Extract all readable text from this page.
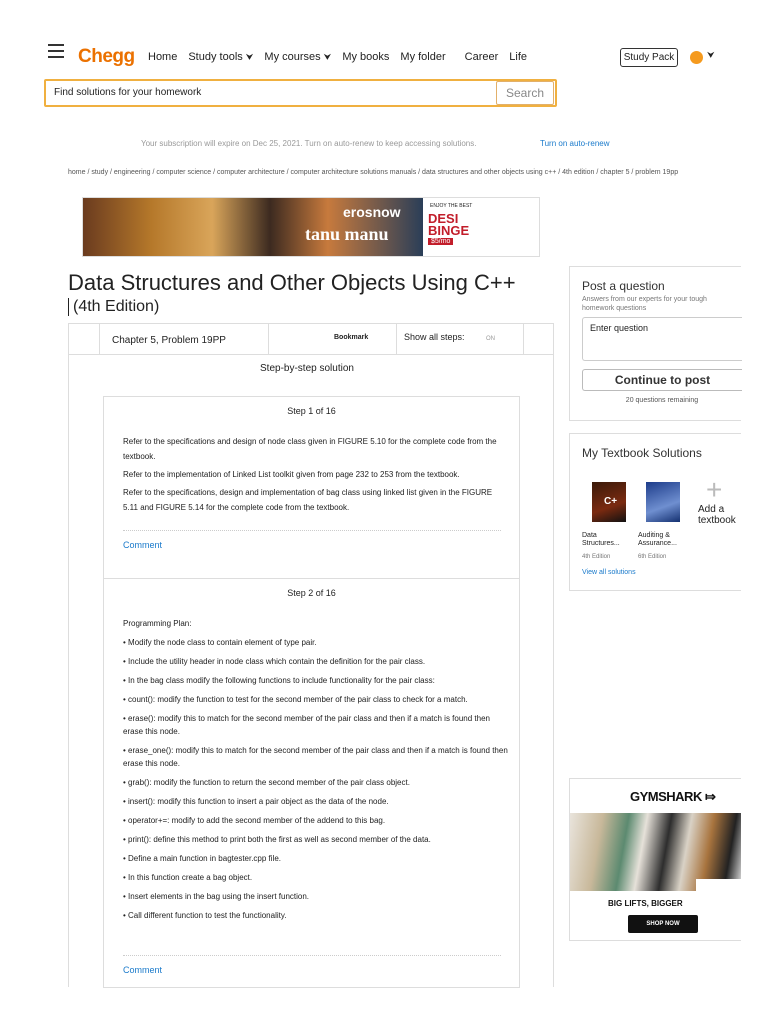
Chegg Home Study tools ⮟ My courses ⮟ My books My folder Career Life	Study Pack	⮟
Find solutions for your homework	Search
Your subscription will expire on Dec 25, 2021. Turn on auto-renew to keep accessing solutions.	Turn on auto-renew
home / study / engineering / computer science / computer architecture / computer architecture solutions manuals / data structures and other objects using c++ / 4th edition / chapter 5 / problem 19pp
erosnow
tanu manu
ENJOY THE BEST
DESI
BINGE
$5/mo
Data Structures and Other Objects Using C++
(4th Edition)
Chapter 5, Problem 19PP	Bookmark	Show all steps:	ON
Step-by-step solution
Step 1 of 16

Refer to the specifications and design of node class given in FIGURE 5.10 for the complete code from the textbook.

Refer to the implementation of Linked List toolkit given from page 232 to 253 from the textbook.

Refer to the specifications, design and implementation of bag class using linked list given in the FIGURE 5.11 and FIGURE 5.14 for the complete code from the textbook.

Comment
Step 2 of 16

Programming Plan:

• Modify the node class to contain element of type pair.

• Include the utility header in node class which contain the definition for the pair class.

• In the bag class modify the following functions to include functionality for the pair class:

• count(): modify the function to test for the second member of the pair class to check for a match.

• erase(): modify this to match for the second member of the pair class and then if a match is found then erase this node.

• erase_one(): modify this to match for the second member of the pair class and then if a match is found then erase this node.

• grab(): modify the function to return the second member of the pair class object.

• insert(): modify this function to insert a pair object as the data of the node.

• operator+=: modify to add the second member of the addend to this bag.

• print(): define this method to print both the first as well as second member of the data.

• Define a main function in bagtester.cpp file.

• In this function create a bag object.

• Insert elements in the bag using the insert function.

• Call different function to test the functionality.

Comment
Post a question
Answers from our experts for your tough homework questions
Enter question
Continue to post
20 questions remaining
My Textbook Solutions
C+	+
Add a textbook
Data Structures...
4th Edition
Auditing & Assurance...
6th Edition
View all solutions
GYMSHARK ⤇
BIG LIFTS, BIGGER
SHOP NOW
